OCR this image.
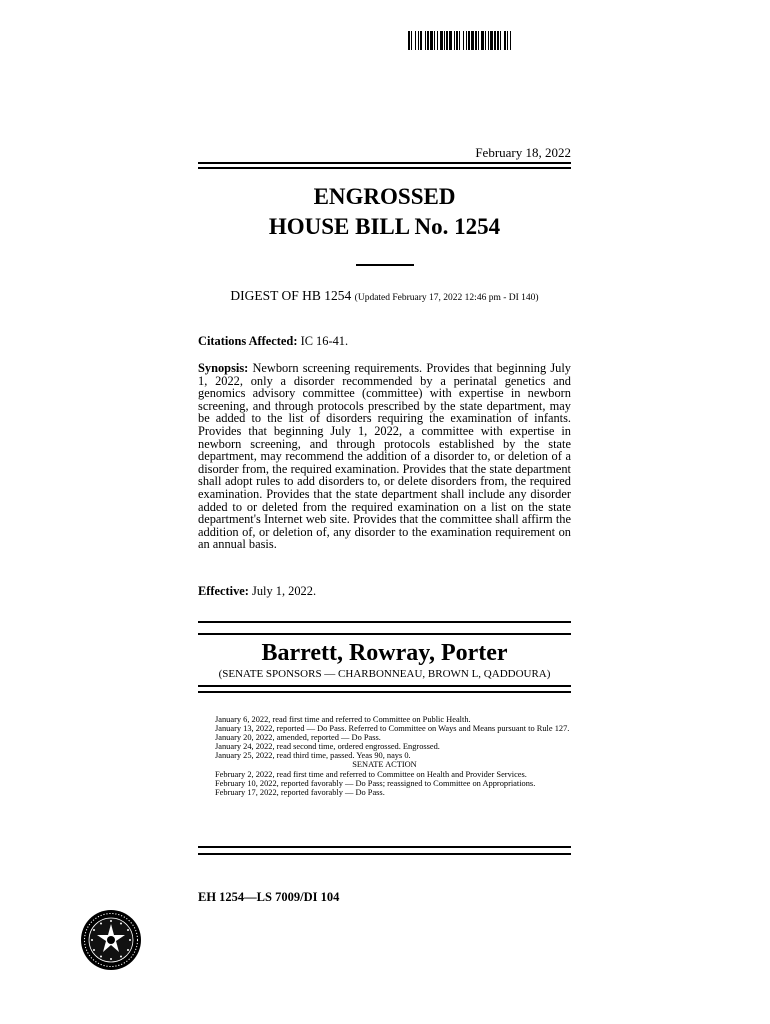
February 18, 2022
ENGROSSED
HOUSE BILL No. 1254
DIGEST OF HB 1254 (Updated February 17, 2022 12:46 pm - DI 140)
Citations Affected: IC 16-41.
Synopsis: Newborn screening requirements. Provides that beginning July 1, 2022, only a disorder recommended by a perinatal genetics and genomics advisory committee (committee) with expertise in newborn screening, and through protocols prescribed by the state department, may be added to the list of disorders requiring the examination of infants. Provides that beginning July 1, 2022, a committee with expertise in newborn screening, and through protocols established by the state department, may recommend the addition of a disorder to, or deletion of a disorder from, the required examination. Provides that the state department shall adopt rules to add disorders to, or delete disorders from, the required examination. Provides that the state department shall include any disorder added to or deleted from the required examination on a list on the state department's Internet web site. Provides that the committee shall affirm the addition of, or deletion of, any disorder to the examination requirement on an annual basis.
Effective: July 1, 2022.
Barrett, Rowray, Porter
(SENATE SPONSORS — CHARBONNEAU, BROWN L, QADDOURA)
January 6, 2022, read first time and referred to Committee on Public Health.
January 13, 2022, reported — Do Pass. Referred to Committee on Ways and Means pursuant to Rule 127.
January 20, 2022, amended, reported — Do Pass.
January 24, 2022, read second time, ordered engrossed. Engrossed.
January 25, 2022, read third time, passed. Yeas 90, nays 0.
SENATE ACTION
February 2, 2022, read first time and referred to Committee on Health and Provider Services.
February 10, 2022, reported favorably — Do Pass; reassigned to Committee on Appropriations.
February 17, 2022, reported favorably — Do Pass.
EH 1254—LS 7009/DI 104
